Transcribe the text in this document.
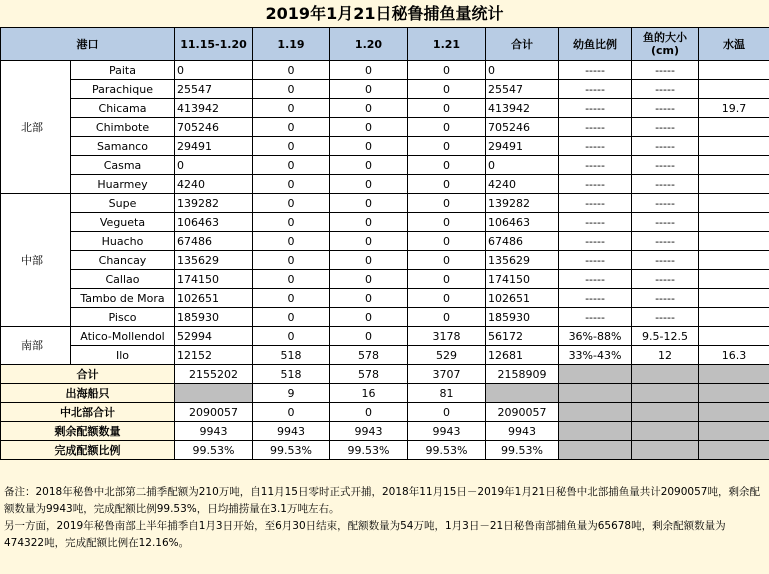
2019年1月21日秘鲁捕鱼量统计
港口		11.15-1.20	1.19	1.20	1.21	合计	幼鱼比例	鱼的大小
(cm)	水温
北部	Paita	0	0	0	0	0	-----	-----	
	Parachique	25547	0	0	0	25547	-----	-----	
	Chicama	413942	0	0	0	413942	-----	-----	19.7
	Chimbote	705246	0	0	0	705246	-----	-----	
	Samanco	29491	0	0	0	29491	-----	-----	
	Casma	0	0	0	0	0	-----	-----	
	Huarmey	4240	0	0	0	4240	-----	-----	
中部	Supe	139282	0	0	0	139282	-----	-----	
	Vegueta	106463	0	0	0	106463	-----	-----	
	Huacho	67486	0	0	0	67486	-----	-----	
	Chancay	135629	0	0	0	135629	-----	-----	
	Callao	174150	0	0	0	174150	-----	-----	
	Tambo de Mora	102651	0	0	0	102651	-----	-----	
	Pisco	185930	0	0	0	185930	-----	-----	
南部	Atico-Mollendol	52994	0	0	3178	56172	36%-88%	9.5-12.5	
	Ilo	12152	518	578	529	12681	33%-43%	12	16.3
合计		2155202	518	578	3707	2158909			
出海船只			9	16	81				
中北部合计		2090057	0	0	0	2090057			
剩余配额数量		9943	9943	9943	9943	9943			
完成配额比例		99.53%	99.53%	99.53%	99.53%	99.53%			
备注：2018年秘鲁中北部第二捕季配额为210万吨，自11月15日零时正式开捕，2018年11月15日－2019年1月21日秘鲁中北部捕鱼量共计2090057吨，剩余配额数量为9943吨，完成配额比例99.53%，日均捕捞量在3.1万吨左右。
另一方面，2019年秘鲁南部上半年捕季自1月3日开始，至6月30日结束，配额数量为54万吨，1月3日－21日秘鲁南部捕鱼量为65678吨，剩余配额数量为474322吨，完成配额比例在12.16%。
